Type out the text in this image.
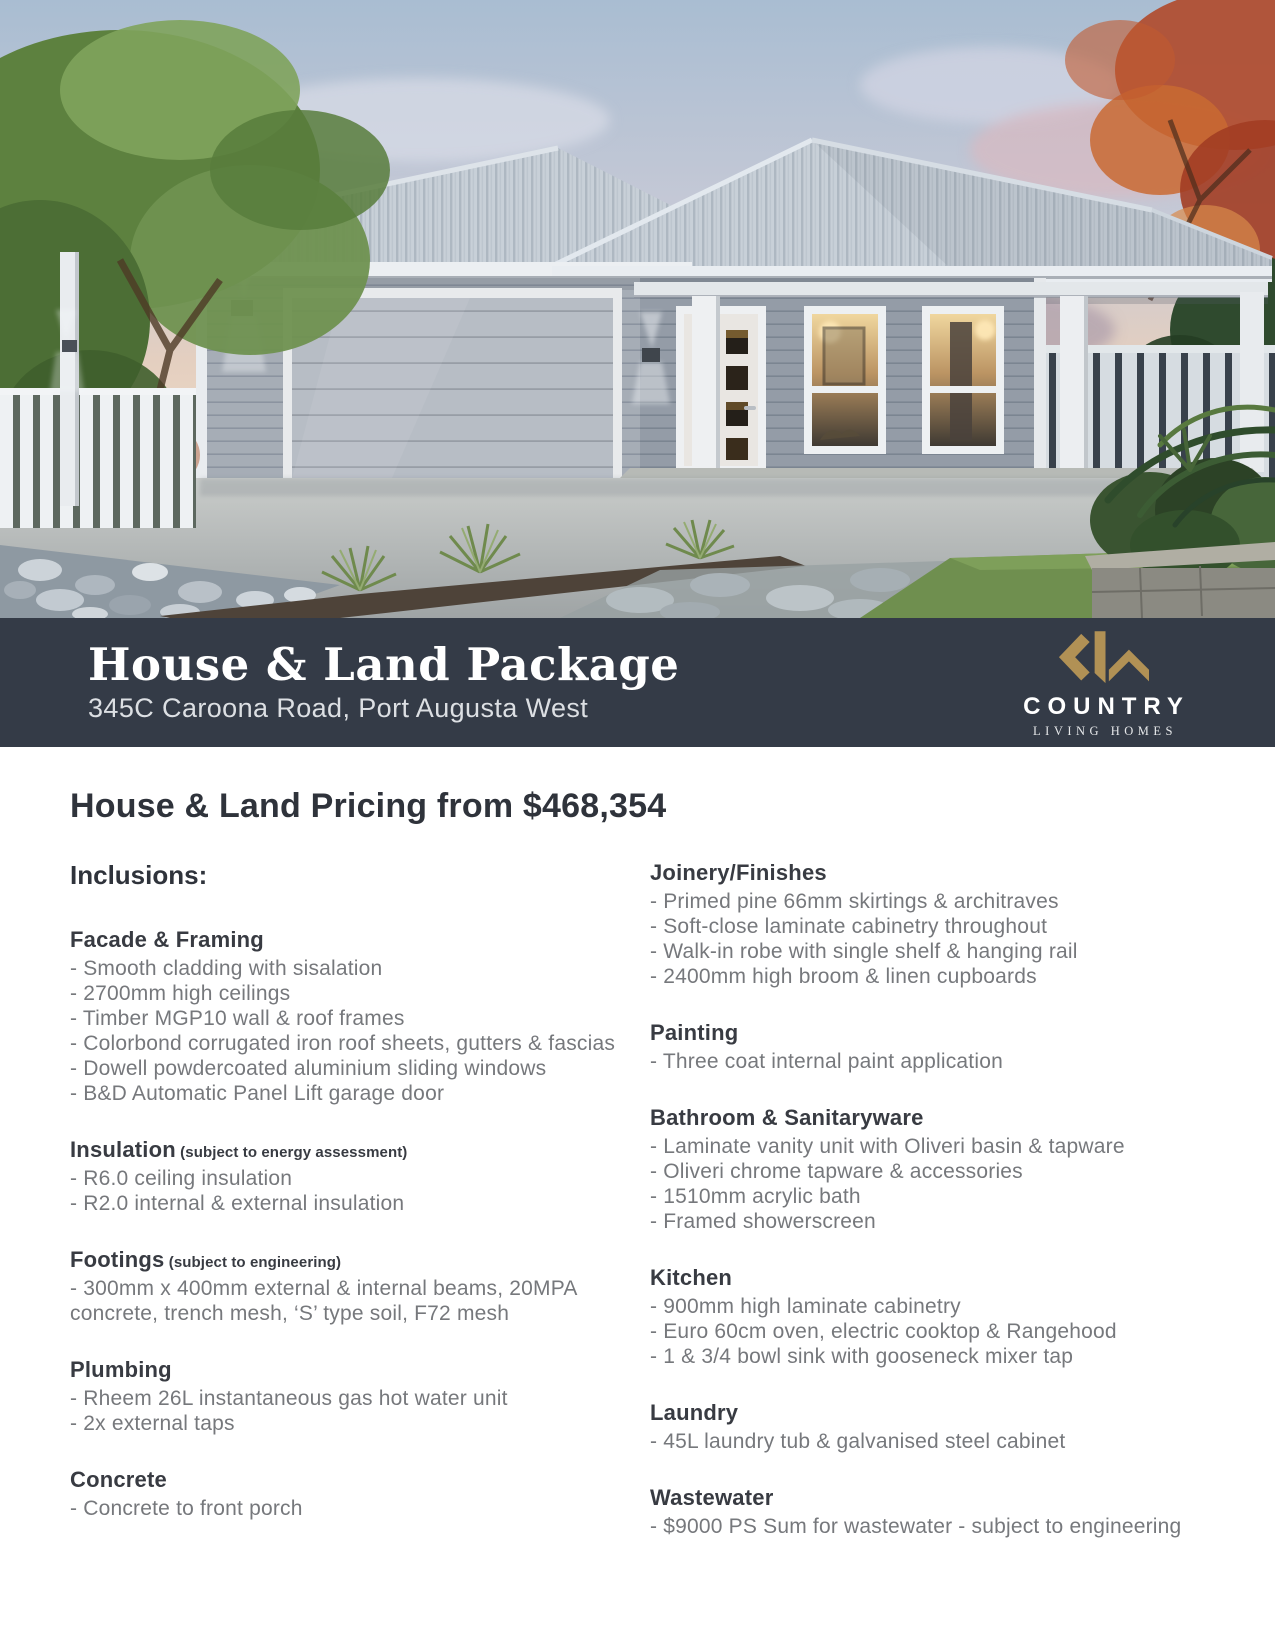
House & Land Package
345C Caroona Road, Port Augusta West	COUNTRY
LIVING HOMES
House & Land Pricing from $468,354
Inclusions:
Facade & Framing
- Smooth cladding with sisalation
- 2700mm high ceilings
- Timber MGP10 wall & roof frames
- Colorbond corrugated iron roof sheets, gutters & fascias
- Dowell powdercoated aluminium sliding windows
- B&D Automatic Panel Lift garage door
Insulation (subject to energy assessment)
- R6.0 ceiling insulation
- R2.0 internal & external insulation
Footings (subject to engineering)
- 300mm x 400mm external & internal beams, 20MPA concrete, trench mesh, ‘S’ type soil, F72 mesh
Plumbing
- Rheem 26L instantaneous gas hot water unit
- 2x external taps
Concrete
- Concrete to front porch
Joinery/Finishes
- Primed pine 66mm skirtings & architraves
- Soft-close laminate cabinetry throughout
- Walk-in robe with single shelf & hanging rail
- 2400mm high broom & linen cupboards
Painting
- Three coat internal paint application
Bathroom & Sanitaryware
- Laminate vanity unit with Oliveri basin & tapware
- Oliveri chrome tapware & accessories
- 1510mm acrylic bath
- Framed showerscreen
Kitchen
- 900mm high laminate cabinetry
- Euro 60cm oven, electric cooktop & Rangehood
- 1 & 3/4 bowl sink with gooseneck mixer tap
Laundry
- 45L laundry tub & galvanised steel cabinet
Wastewater
- $9000 PS Sum for wastewater - subject to engineering
